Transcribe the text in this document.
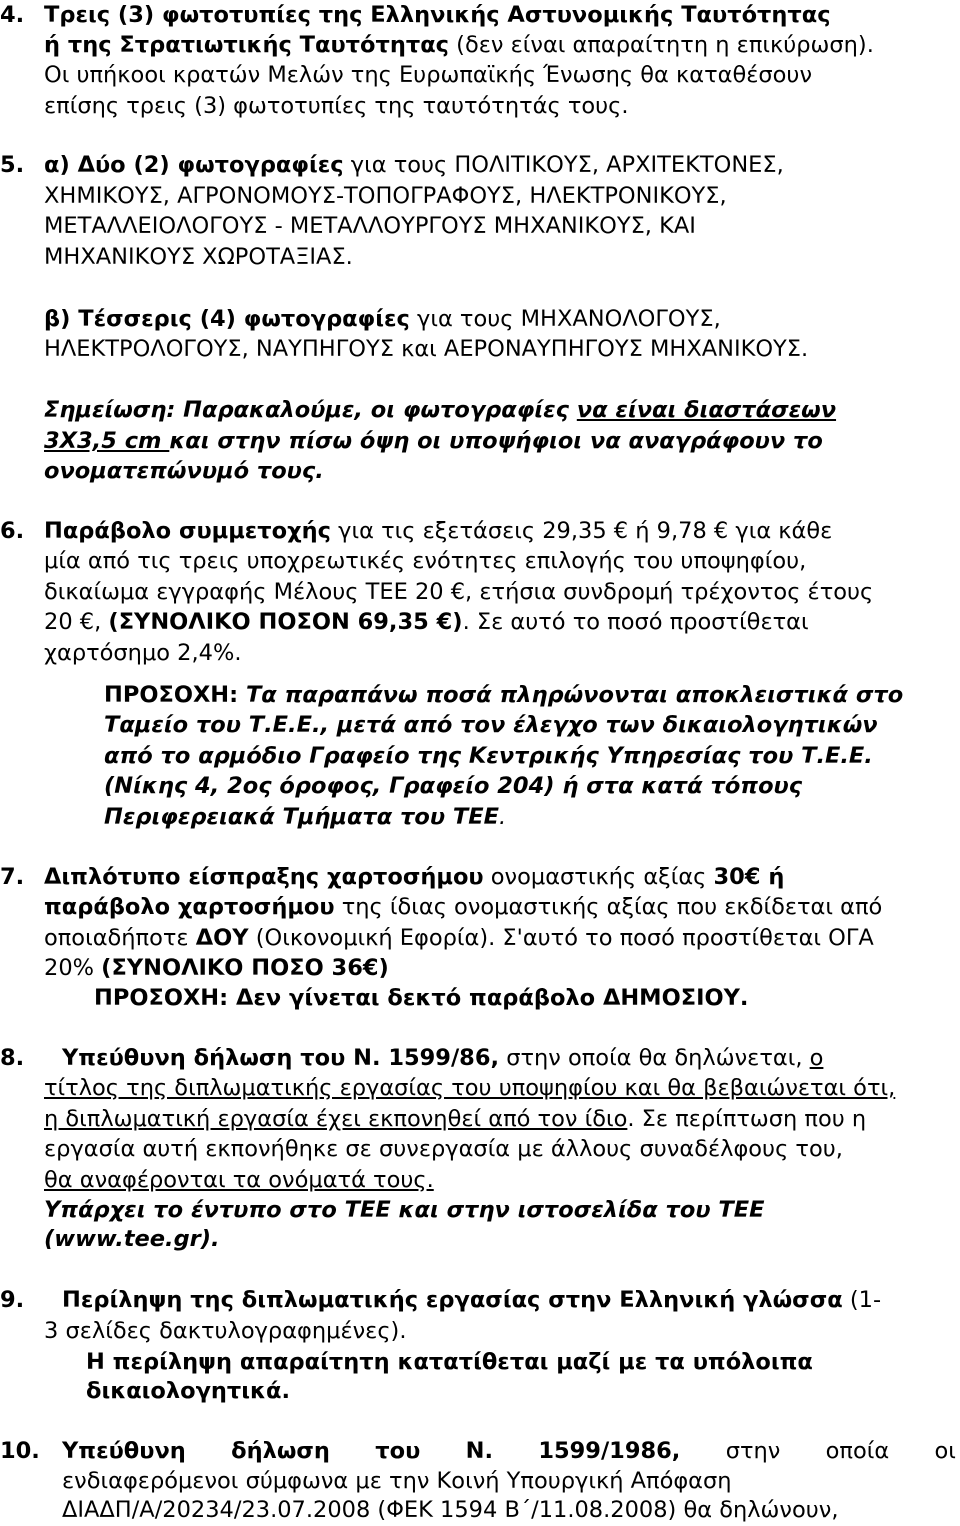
4. Τρεις (3) φωτοτυπίες της Ελληνικής Αστυνομικής Ταυτότητας
ή της Στρατιωτικής Ταυτότητας (δεν είναι απαραίτητη η επικύρωση).
Οι υπήκοοι κρατών Μελών της Ευρωπαϊκής Ένωσης θα καταθέσουν
επίσης τρεις (3) φωτοτυπίες της ταυτότητάς τους.
5. α) Δύο (2) φωτογραφίες για τους ΠΟΛΙΤΙΚΟΥΣ, ΑΡΧΙΤΕΚΤΟΝΕΣ,
ΧΗΜΙΚΟΥΣ, ΑΓΡΟΝΟΜΟΥΣ-ΤΟΠΟΓΡΑΦΟΥΣ, ΗΛΕΚΤΡΟΝΙΚΟΥΣ,
ΜΕΤΑΛΛΕΙΟΛΟΓΟΥΣ - ΜΕΤΑΛΛΟΥΡΓΟΥΣ ΜΗΧΑΝΙΚΟΥΣ, ΚΑΙ
ΜΗΧΑΝΙΚΟΥΣ ΧΩΡΟΤΑΞΙΑΣ.
β) Τέσσερις (4) φωτογραφίες για τους ΜΗΧΑΝΟΛΟΓΟΥΣ,
ΗΛΕΚΤΡΟΛΟΓΟΥΣ, ΝΑΥΠΗΓΟΥΣ και ΑΕΡΟΝΑΥΠΗΓΟΥΣ ΜΗΧΑΝΙΚΟΥΣ.
Σημείωση: Παρακαλούμε, οι φωτογραφίες να είναι διαστάσεων
3Χ3,5 cm και στην πίσω όψη οι υποψήφιοι να αναγράφουν το
ονοματεπώνυμό τους.
6. Παράβολο συμμετοχής για τις εξετάσεις 29,35 € ή 9,78 € για κάθε
μία από τις τρεις υποχρεωτικές ενότητες επιλογής του υποψηφίου,
δικαίωμα εγγραφής Μέλους ΤΕΕ 20 €, ετήσια συνδρομή τρέχοντος έτους
20 €, (ΣΥΝΟΛΙΚΟ ΠΟΣΟΝ 69,35 €). Σε αυτό το ποσό προστίθεται
χαρτόσημο 2,4%.
ΠΡΟΣΟΧΗ: Τα παραπάνω ποσά πληρώνονται αποκλειστικά στο
Ταμείο του Τ.Ε.Ε., μετά από τον έλεγχο των δικαιολογητικών
από το αρμόδιο Γραφείο της Κεντρικής Υπηρεσίας του Τ.Ε.Ε.
(Νίκης 4, 2ος όροφος, Γραφείο 204) ή στα κατά τόπους
Περιφερειακά Τμήματα του ΤΕΕ.
7. Διπλότυπο είσπραξης χαρτοσήμου ονομαστικής αξίας 30€ ή
παράβολο χαρτοσήμου της ίδιας ονομαστικής αξίας που εκδίδεται από
οποιαδήποτε ΔΟΥ (Οικονομική Εφορία). Σ'αυτό το ποσό προστίθεται ΟΓΑ
20% (ΣΥΝΟΛΙΚΟ ΠΟΣΟ 36€)
ΠΡΟΣΟΧΗ: Δεν γίνεται δεκτό παράβολο ΔΗΜΟΣΙΟΥ.
8. Υπεύθυνη δήλωση του Ν. 1599/86, στην οποία θα δηλώνεται, ο
τίτλος της διπλωματικής εργασίας του υποψηφίου και θα βεβαιώνεται ότι,
η διπλωματική εργασία έχει εκπονηθεί από τον ίδιο. Σε περίπτωση που η
εργασία αυτή εκπονήθηκε σε συνεργασία με άλλους συναδέλφους του,
θα αναφέρονται τα ονόματά τους.
Υπάρχει το έντυπο στο ΤΕΕ και στην ιστοσελίδα του ΤΕΕ
(www.tee.gr).
9. Περίληψη της διπλωματικής εργασίας στην Ελληνική γλώσσα (1-
3 σελίδες δακτυλογραφημένες).
Η περίληψη απαραίτητη κατατίθεται μαζί με τα υπόλοιπα
δικαιολογητικά.
10. Υπεύθυνη δήλωση του Ν. 1599/1986, στην οποία οι
ενδιαφερόμενοι σύμφωνα με την Κοινή Υπουργική Απόφαση
ΔΙΑΔΠ/Α/20234/23.07.2008 (ΦΕΚ 1594 Β΄/11.08.2008) θα δηλώνουν,
